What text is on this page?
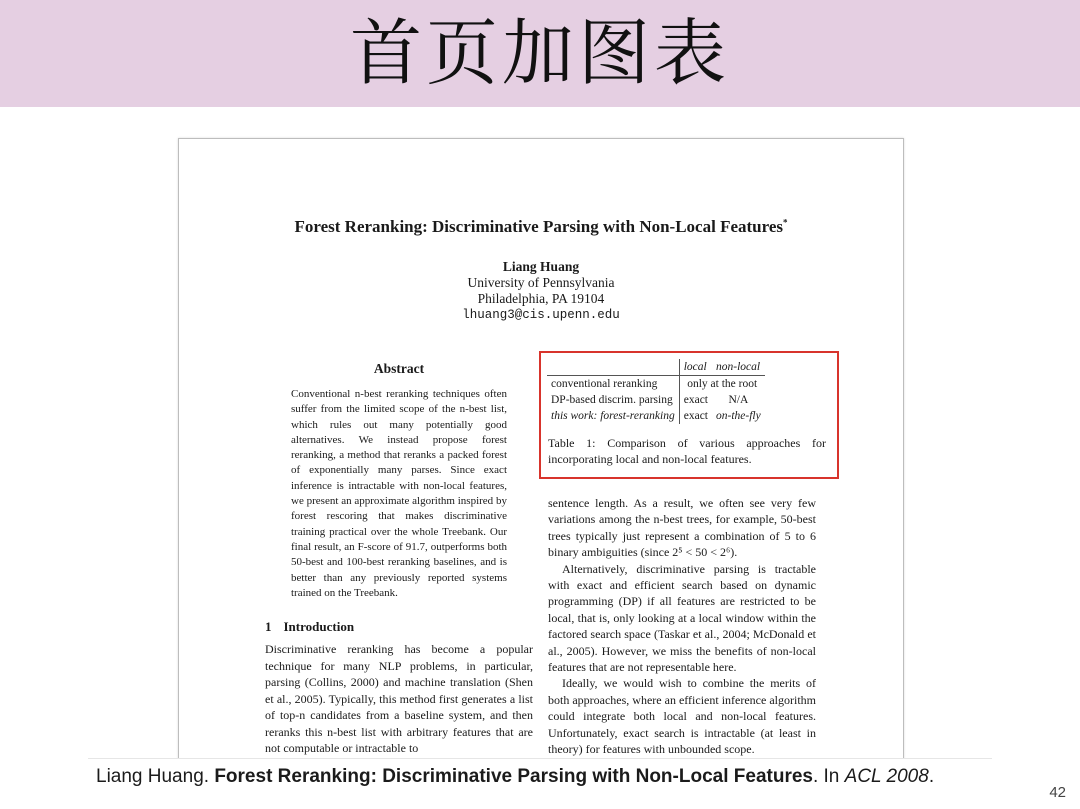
首页加图表
Forest Reranking: Discriminative Parsing with Non-Local Features*
Liang Huang
University of Pennsylvania
Philadelphia, PA 19104
lhuang3@cis.upenn.edu
Abstract
Conventional n-best reranking techniques often suffer from the limited scope of the n-best list, which rules out many potentially good alternatives. We instead propose forest reranking, a method that reranks a packed forest of exponentially many parses. Since exact inference is intractable with non-local features, we present an approximate algorithm inspired by forest rescoring that makes discriminative training practical over the whole Treebank. Our final result, an F-score of 91.7, outperforms both 50-best and 100-best reranking baselines, and is better than any previously reported systems trained on the Treebank.
1 Introduction
Discriminative reranking has become a popular technique for many NLP problems, in particular, parsing (Collins, 2000) and machine translation (Shen et al., 2005). Typically, this method first generates a list of top-n candidates from a baseline system, and then reranks this n-best list with arbitrary features that are not computable or intractable to
	local	non-local
conventional reranking	only at the root	
DP-based discrim. parsing	exact	N/A
this work: forest-reranking	exact	on-the-fly
Table 1: Comparison of various approaches for incorporating local and non-local features.

sentence length. As a result, we often see very few variations among the n-best trees, for example, 50-best trees typically just represent a combination of 5 to 6 binary ambiguities (since 2⁵ < 50 < 2⁶).

Alternatively, discriminative parsing is tractable with exact and efficient search based on dynamic programming (DP) if all features are restricted to be local, that is, only looking at a local window within the factored search space (Taskar et al., 2004; McDonald et al., 2005). However, we miss the benefits of non-local features that are not representable here.

Ideally, we would wish to combine the merits of both approaches, where an efficient inference algorithm could integrate both local and non-local features. Unfortunately, exact search is intractable (at least in theory) for features with unbounded scope.

Liang Huang. Forest Reranking: Discriminative Parsing with Non-Local Features. In ACL 2008.
42
